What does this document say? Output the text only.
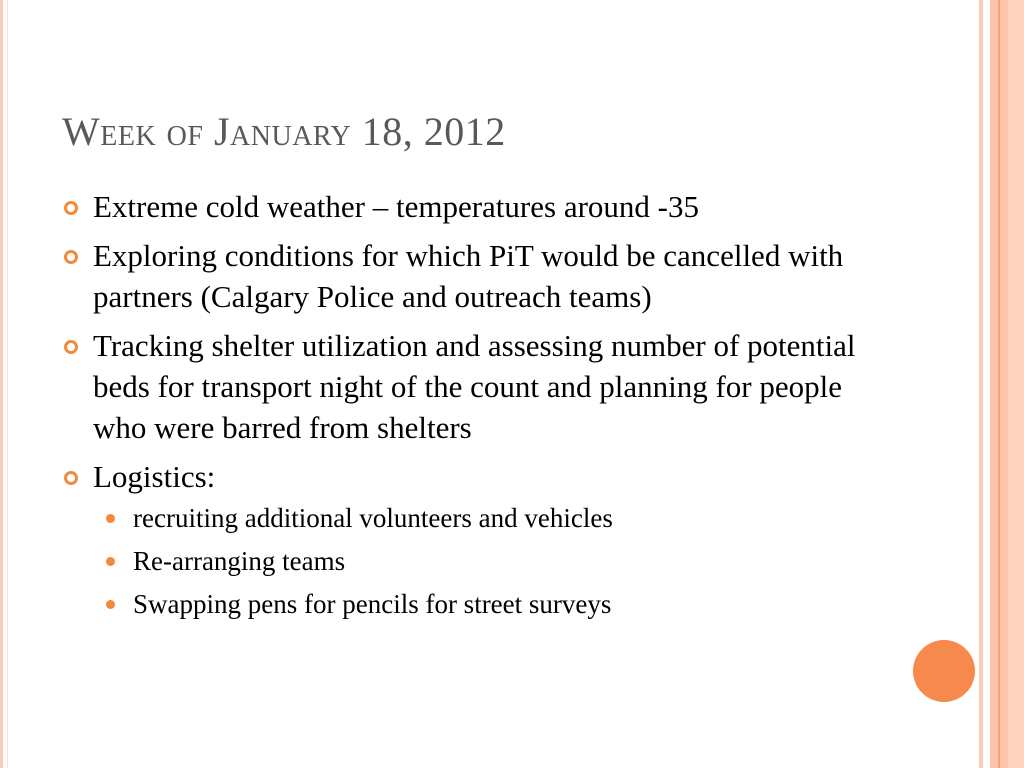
Week of January 18, 2012
Extreme cold weather – temperatures around -35
Exploring conditions for which PiT would be cancelled with partners (Calgary Police and outreach teams)
Tracking shelter utilization and assessing number of potential beds for transport night of the count and planning for people who were barred from shelters
Logistics:
recruiting additional volunteers and vehicles
Re-arranging teams
Swapping pens for pencils for street surveys
